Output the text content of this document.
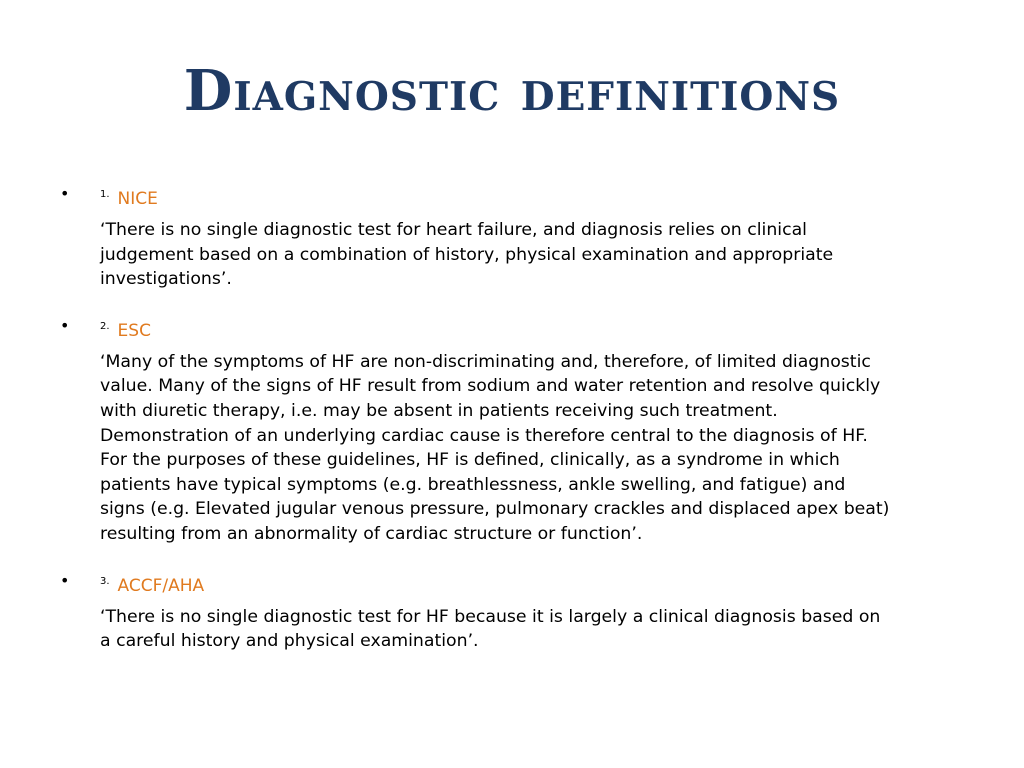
Diagnostic definitions
•	$^{1.}$ NICE
‘There is no single diagnostic test for heart failure, and diagnosis relies on clinical
judgement based on a combination of history, physical examination and appropriate
investigations’.
•	$^{2.}$ ESC
‘Many of the symptoms of HF are non-discriminating and, therefore, of limited diagnostic
value. Many of the signs of HF result from sodium and water retention and resolve quickly
with diuretic therapy, i.e. may be absent in patients receiving such treatment.
Demonstration of an underlying cardiac cause is therefore central to the diagnosis of HF.
For the purposes of these guidelines, HF is defined, clinically, as a syndrome in which
patients have typical symptoms (e.g. breathlessness, ankle swelling, and fatigue) and
signs (e.g. Elevated jugular venous pressure, pulmonary crackles and displaced apex beat)
resulting from an abnormality of cardiac structure or function’.
•	$^{3.}$ ACCF/AHA
‘There is no single diagnostic test for HF because it is largely a clinical diagnosis based on
a careful history and physical examination’.
